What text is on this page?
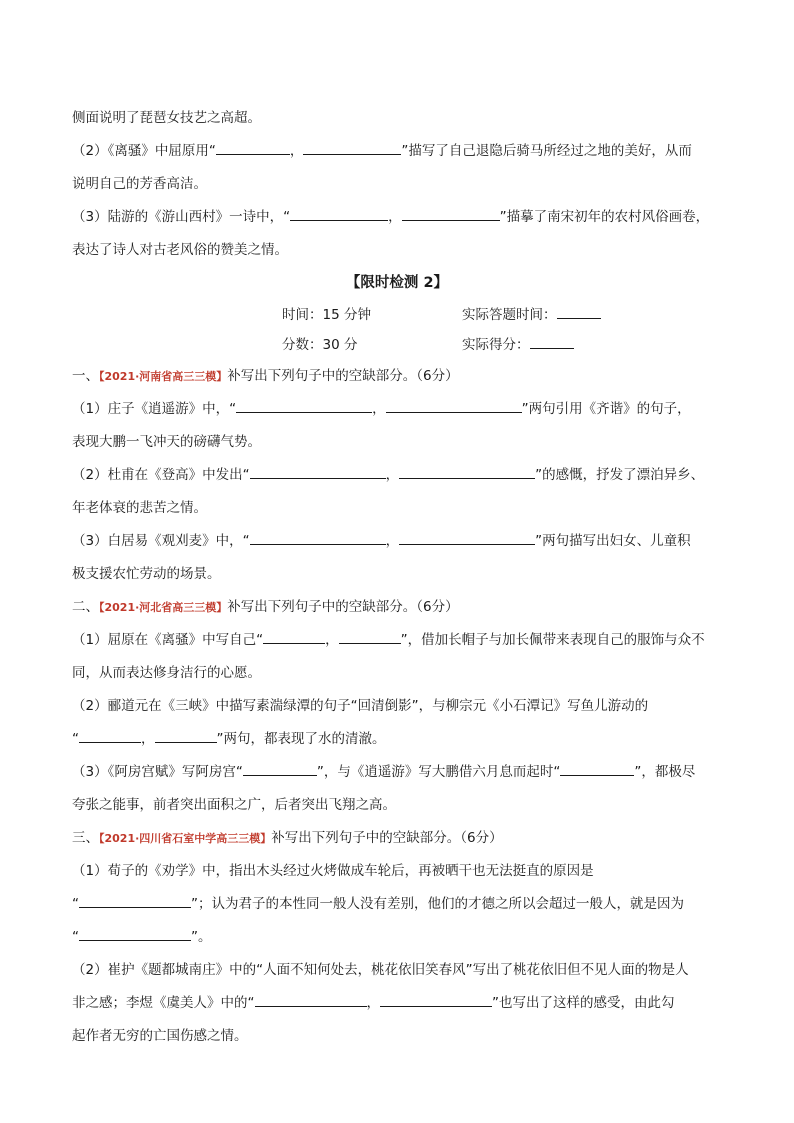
侧面说明了琵琶女技艺之高超。
（2）《离骚》中屈原用“	，	”描写了自己退隐后骑马所经过之地的美好，从而
说明自己的芳香高洁。
（3）陆游的《游山西村》一诗中，“	，	”描摹了南宋初年的农村风俗画卷，
表达了诗人对古老风俗的赞美之情。
【限时检测 2】
时间：15 分钟	实际答题时间：
分数：30 分	实际得分：
一、【2021·河南省高三三模】补写出下列句子中的空缺部分。（6分）
（1）庄子《逍遥游》中，“	，	”两句引用《齐谐》的句子，
表现大鹏一飞冲天的磅礴气势。
（2）杜甫在《登高》中发出“	，	”的感慨，抒发了漂泊异乡、
年老体衰的悲苦之情。
（3）白居易《观刈麦》中，“	，	”两句描写出妇女、儿童积
极支援农忙劳动的场景。
二、【2021·河北省高三三模】补写出下列句子中的空缺部分。（6分）
（1）屈原在《离骚》中写自己“	，	”，借加长帽子与加长佩带来表现自己的服饰与众不
同，从而表达修身洁行的心愿。
（2）郦道元在《三峡》中描写素湍绿潭的句子“回清倒影”，与柳宗元《小石潭记》写鱼儿游动的
“	，	”两句，都表现了水的清澈。
（3）《阿房宫赋》写阿房宫“	”，与《逍遥游》写大鹏借六月息而起时“	”，都极尽
夸张之能事，前者突出面积之广，后者突出飞翔之高。
三、【2021·四川省石室中学高三三模】补写出下列句子中的空缺部分。（6分）
（1）荀子的《劝学》中，指出木头经过火烤做成车轮后，再被晒干也无法挺直的原因是
“	”；认为君子的本性同一般人没有差别，他们的才德之所以会超过一般人，就是因为
“	”。
（2）崔护《题都城南庄》中的“人面不知何处去，桃花依旧笑春风”写出了桃花依旧但不见人面的物是人
非之感；李煜《虞美人》中的“	，	”也写出了这样的感受，由此勾
起作者无穷的亡国伤感之情。
